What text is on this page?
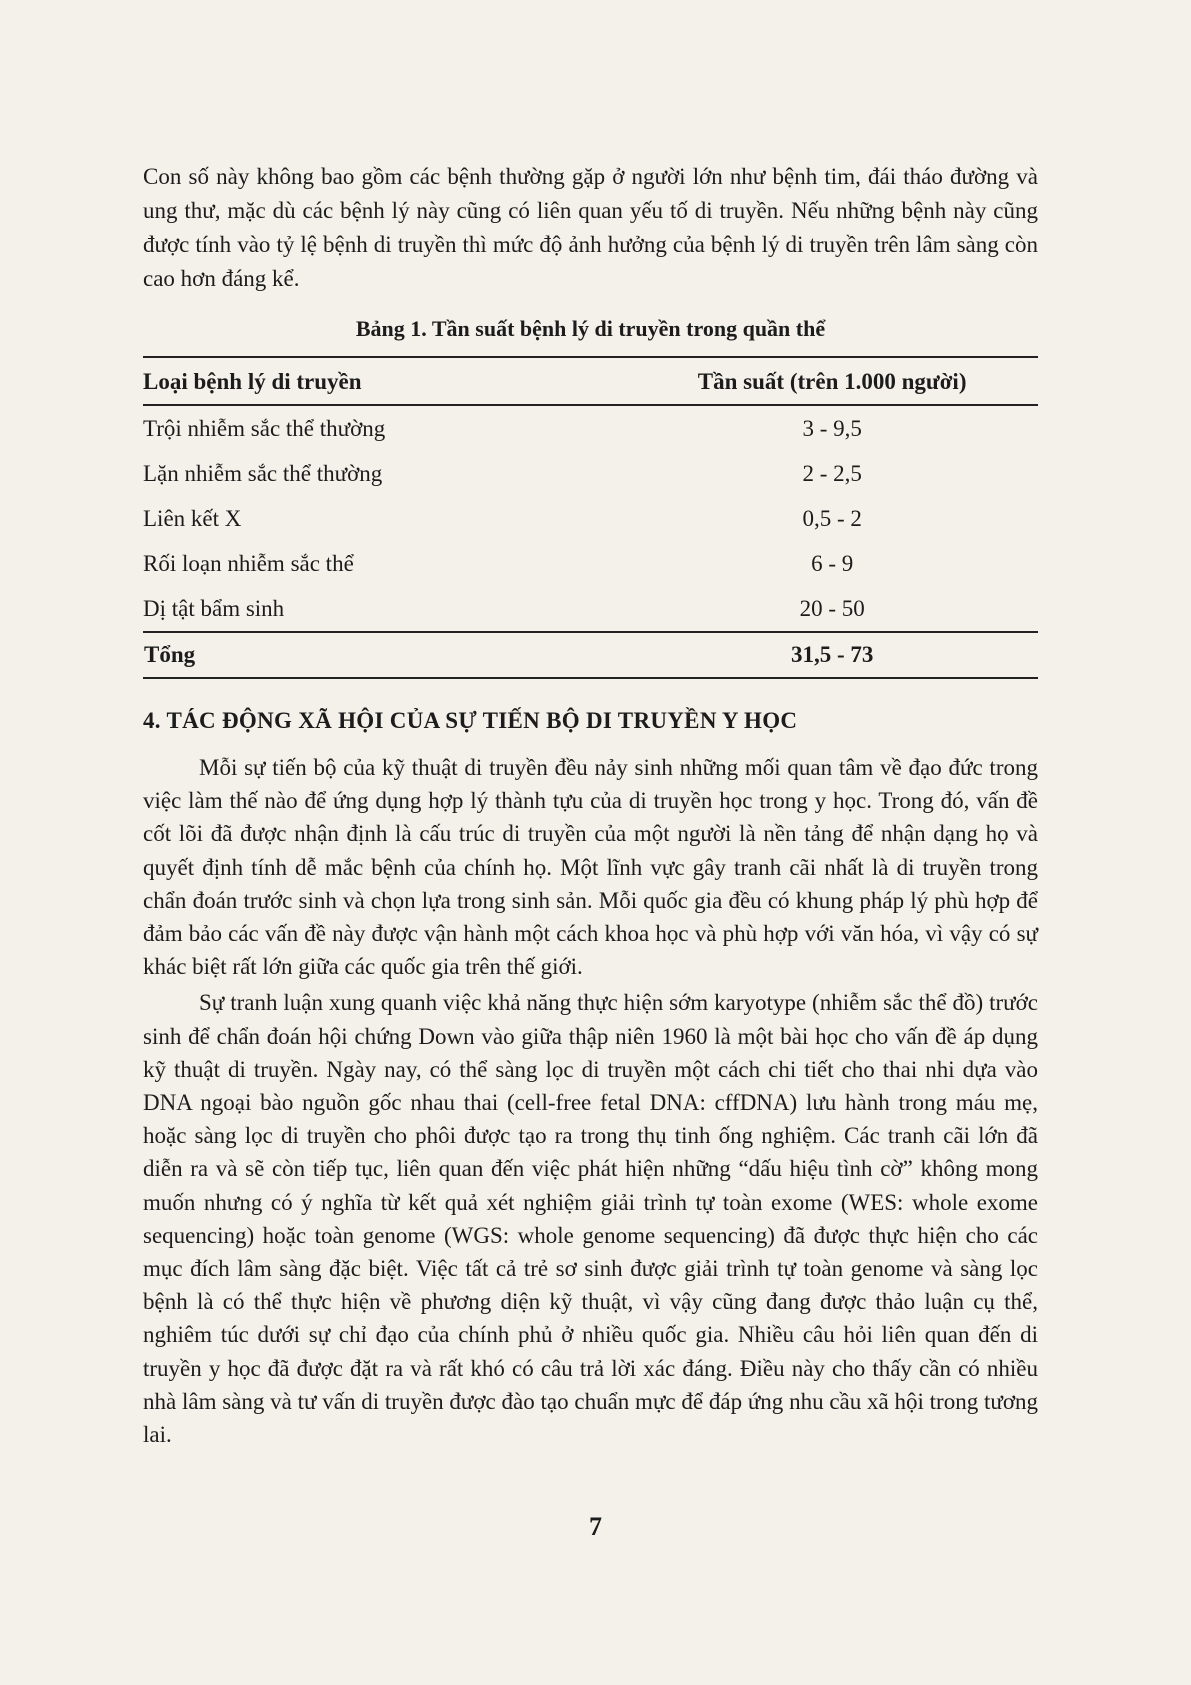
Con số này không bao gồm các bệnh thường gặp ở người lớn như bệnh tim, đái tháo đường và ung thư, mặc dù các bệnh lý này cũng có liên quan yếu tố di truyền. Nếu những bệnh này cũng được tính vào tỷ lệ bệnh di truyền thì mức độ ảnh hưởng của bệnh lý di truyền trên lâm sàng còn cao hơn đáng kể.

Bảng 1. Tần suất bệnh lý di truyền trong quần thể
Loại bệnh lý di truyền	Tần suất (trên 1.000 người)
Trội nhiễm sắc thể thường	3 - 9,5
Lặn nhiễm sắc thể thường	2 - 2,5
Liên kết X	0,5 - 2
Rối loạn nhiễm sắc thể	6 - 9
Dị tật bẩm sinh	20 - 50
Tổng	31,5 - 73
4. TÁC ĐỘNG XÃ HỘI CỦA SỰ TIẾN BỘ DI TRUYỀN Y HỌC

Mỗi sự tiến bộ của kỹ thuật di truyền đều nảy sinh những mối quan tâm về đạo đức trong việc làm thế nào để ứng dụng hợp lý thành tựu của di truyền học trong y học. Trong đó, vấn đề cốt lõi đã được nhận định là cấu trúc di truyền của một người là nền tảng để nhận dạng họ và quyết định tính dễ mắc bệnh của chính họ. Một lĩnh vực gây tranh cãi nhất là di truyền trong chẩn đoán trước sinh và chọn lựa trong sinh sản. Mỗi quốc gia đều có khung pháp lý phù hợp để đảm bảo các vấn đề này được vận hành một cách khoa học và phù hợp với văn hóa, vì vậy có sự khác biệt rất lớn giữa các quốc gia trên thế giới.

Sự tranh luận xung quanh việc khả năng thực hiện sớm karyotype (nhiễm sắc thể đồ) trước sinh để chẩn đoán hội chứng Down vào giữa thập niên 1960 là một bài học cho vấn đề áp dụng kỹ thuật di truyền. Ngày nay, có thể sàng lọc di truyền một cách chi tiết cho thai nhi dựa vào DNA ngoại bào nguồn gốc nhau thai (cell-free fetal DNA: cffDNA) lưu hành trong máu mẹ, hoặc sàng lọc di truyền cho phôi được tạo ra trong thụ tinh ống nghiệm. Các tranh cãi lớn đã diễn ra và sẽ còn tiếp tục, liên quan đến việc phát hiện những “dấu hiệu tình cờ” không mong muốn nhưng có ý nghĩa từ kết quả xét nghiệm giải trình tự toàn exome (WES: whole exome sequencing) hoặc toàn genome (WGS: whole genome sequencing) đã được thực hiện cho các mục đích lâm sàng đặc biệt. Việc tất cả trẻ sơ sinh được giải trình tự toàn genome và sàng lọc bệnh là có thể thực hiện về phương diện kỹ thuật, vì vậy cũng đang được thảo luận cụ thể, nghiêm túc dưới sự chỉ đạo của chính phủ ở nhiều quốc gia. Nhiều câu hỏi liên quan đến di truyền y học đã được đặt ra và rất khó có câu trả lời xác đáng. Điều này cho thấy cần có nhiều nhà lâm sàng và tư vấn di truyền được đào tạo chuẩn mực để đáp ứng nhu cầu xã hội trong tương lai.

7
